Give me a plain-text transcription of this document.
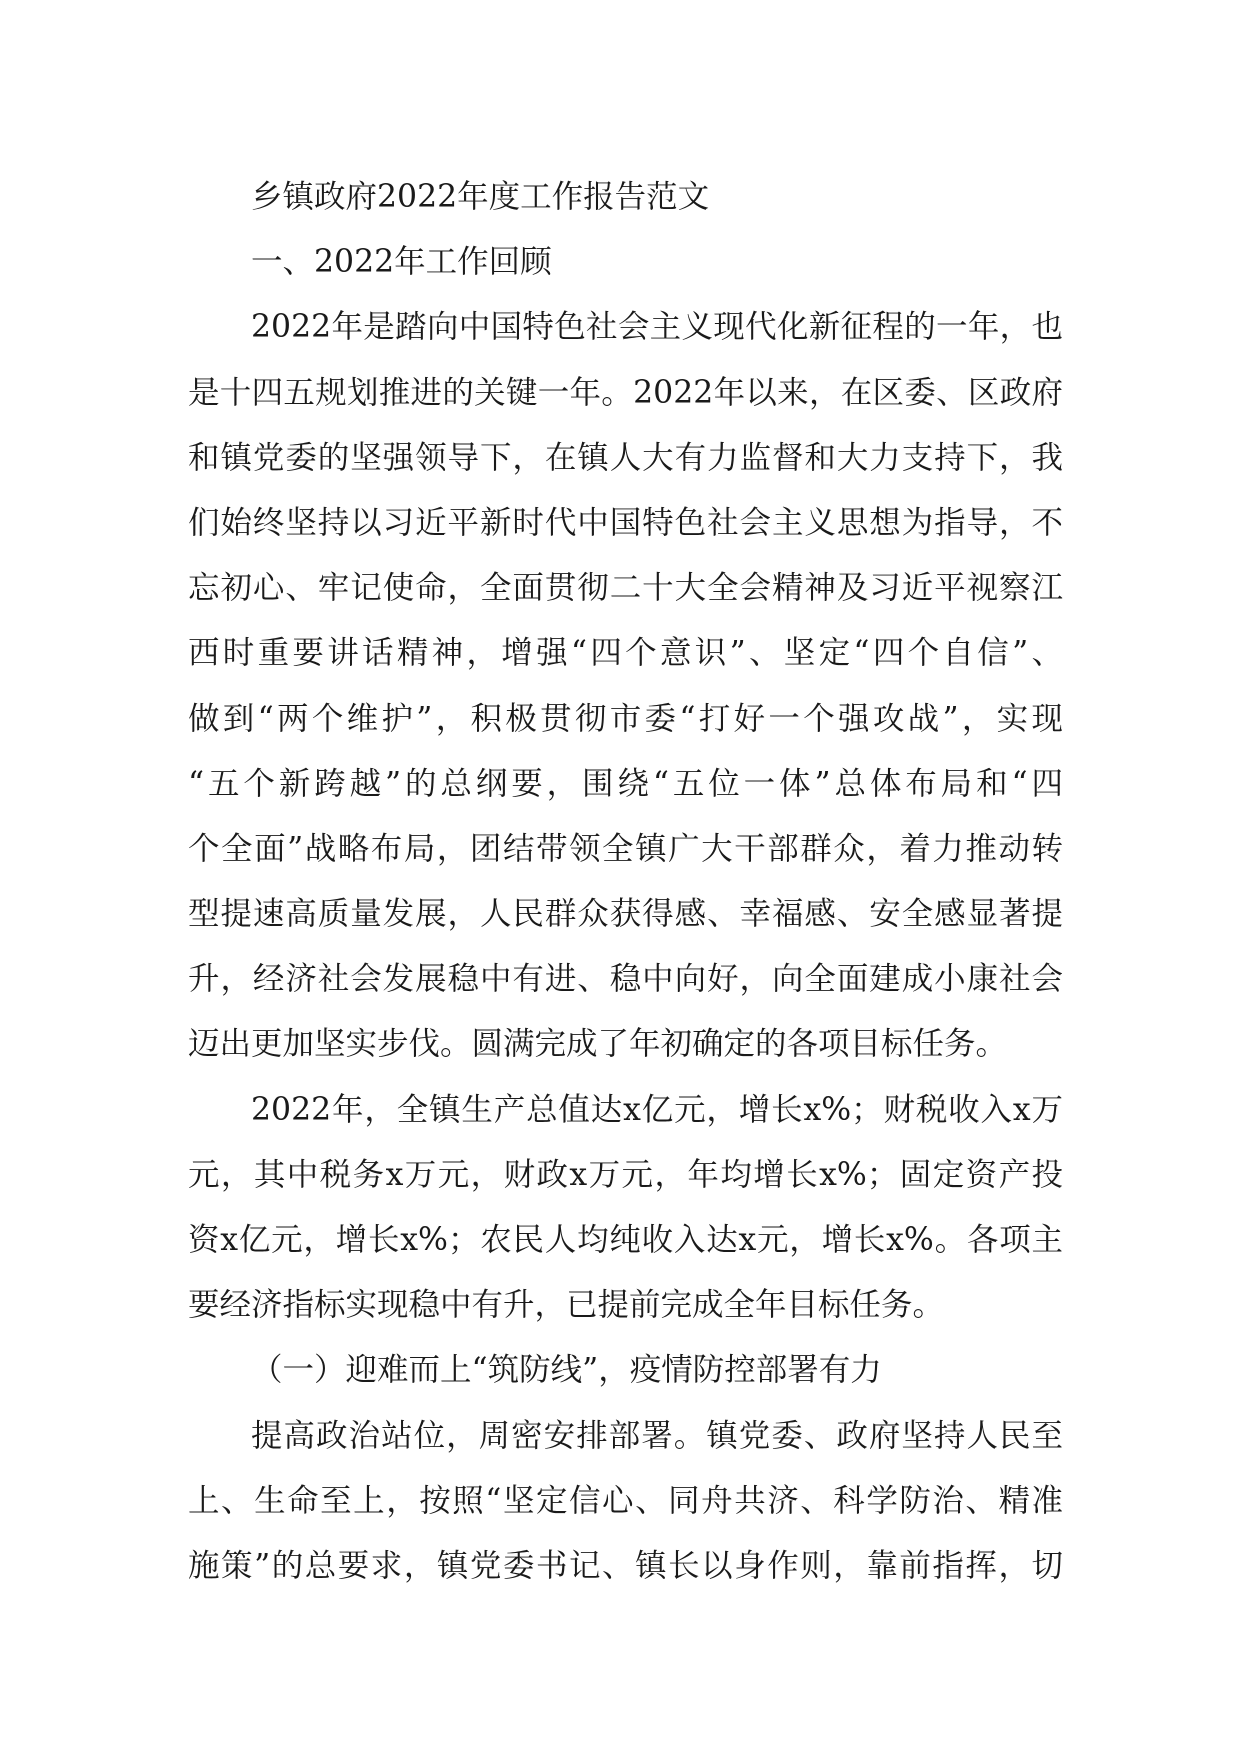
乡镇政府2022年度工作报告范文
一、2022年工作回顾
2022年是踏向中国特色社会主义现代化新征程的一年，也
是十四五规划推进的关键一年。2022年以来，在区委、区政府
和镇党委的坚强领导下，在镇人大有力监督和大力支持下，我
们始终坚持以习近平新时代中国特色社会主义思想为指导，不
忘初心、牢记使命，全面贯彻二十大全会精神及习近平视察江
西时重要讲话精神，增强“四个意识”、坚定“四个自信”、
做到“两个维护”，积极贯彻市委“打好一个强攻战”，实现
“五个新跨越”的总纲要，围绕“五位一体”总体布局和“四
个全面”战略布局，团结带领全镇广大干部群众，着力推动转
型提速高质量发展，人民群众获得感、幸福感、安全感显著提
升，经济社会发展稳中有进、稳中向好，向全面建成小康社会
迈出更加坚实步伐。圆满完成了年初确定的各项目标任务。
2022年，全镇生产总值达x亿元，增长x%；财税收入x万
元，其中税务x万元，财政x万元，年均增长x%；固定资产投
资x亿元，增长x%；农民人均纯收入达x元，增长x%。各项主
要经济指标实现稳中有升，已提前完成全年目标任务。
（一）迎难而上“筑防线”，疫情防控部署有力
提高政治站位，周密安排部署。镇党委、政府坚持人民至
上、生命至上，按照“坚定信心、同舟共济、科学防治、精准
施策”的总要求，镇党委书记、镇长以身作则，靠前指挥，切
